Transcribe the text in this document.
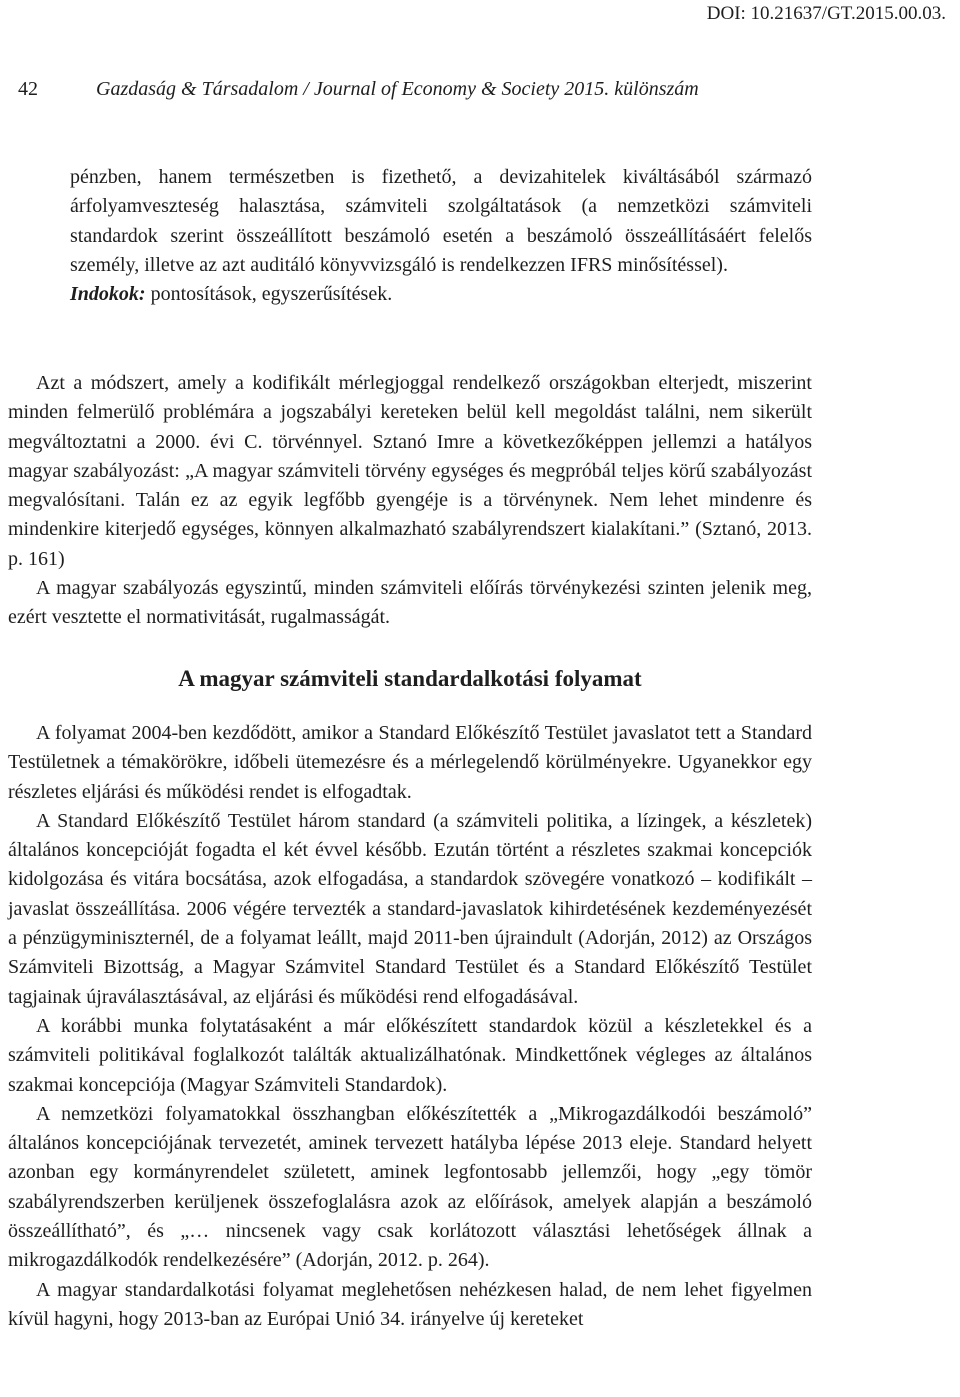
DOI: 10.21637/GT.2015.00.03.
42	Gazdaság & Társadalom / Journal of Economy & Society 2015. különszám

pénzben, hanem természetben is fizethető, a devizahitelek kiváltásából származó árfolyamveszteség halasztása, számviteli szolgáltatások (a nemzetközi számviteli standardok szerint összeállított beszámoló esetén a beszámoló összeállításáért felelős személy, illetve az azt auditáló könyvvizsgáló is rendelkezzen IFRS minősítéssel).

Indokok: pontosítások, egyszerűsítések.

Azt a módszert, amely a kodifikált mérlegjoggal rendelkező országokban elterjedt, miszerint minden felmerülő problémára a jogszabályi kereteken belül kell megoldást találni, nem sikerült megváltoztatni a 2000. évi C. törvénnyel. Sztanó Imre a következőképpen jellemzi a hatályos magyar szabályozást: „A magyar számviteli törvény egységes és megpróbál teljes körű szabályozást megvalósítani. Talán ez az egyik legfőbb gyengéje is a törvénynek. Nem lehet mindenre és mindenkire kiterjedő egységes, könnyen alkalmazható szabályrendszert kialakítani.” (Sztanó, 2013. p. 161)

A magyar szabályozás egyszintű, minden számviteli előírás törvénykezési szinten jelenik meg, ezért vesztette el normativitását, rugalmasságát.

A magyar számviteli standardalkotási folyamat

A folyamat 2004-ben kezdődött, amikor a Standard Előkészítő Testület javaslatot tett a Standard Testületnek a témakörökre, időbeli ütemezésre és a mérlegelendő körülményekre. Ugyanekkor egy részletes eljárási és működési rendet is elfogadtak.

A Standard Előkészítő Testület három standard (a számviteli politika, a lízingek, a készletek) általános koncepcióját fogadta el két évvel később. Ezután történt a részletes szakmai koncepciók kidolgozása és vitára bocsátása, azok elfogadása, a standardok szövegére vonatkozó – kodifikált – javaslat összeállítása. 2006 végére tervezték a standard-javaslatok kihirdetésének kezdeményezését a pénzügyminiszternél, de a folyamat leállt, majd 2011-ben újraindult (Adorján, 2012) az Országos Számviteli Bizottság, a Magyar Számvitel Standard Testület és a Standard Előkészítő Testület tagjainak újraválasztásával, az eljárási és működési rend elfogadásával.

A korábbi munka folytatásaként a már előkészített standardok közül a készletekkel és a számviteli politikával foglalkozót találták aktualizálhatónak. Mindkettőnek végleges az általános szakmai koncepciója (Magyar Számviteli Standardok).

A nemzetközi folyamatokkal összhangban előkészítették a „Mikrogazdálkodói beszámoló” általános koncepciójának tervezetét, aminek tervezett hatályba lépése 2013 eleje. Standard helyett azonban egy kormányrendelet született, aminek legfontosabb jellemzői, hogy „egy tömör szabályrendszerben kerüljenek összefoglalásra azok az előírások, amelyek alapján a beszámoló összeállítható”, és „… nincsenek vagy csak korlátozott választási lehetőségek állnak a mikrogazdálkodók rendelkezésére” (Adorján, 2012. p. 264).

A magyar standardalkotási folyamat meglehetősen nehézkesen halad, de nem lehet figyelmen kívül hagyni, hogy 2013-ban az Európai Unió 34. irányelve új kereteket
